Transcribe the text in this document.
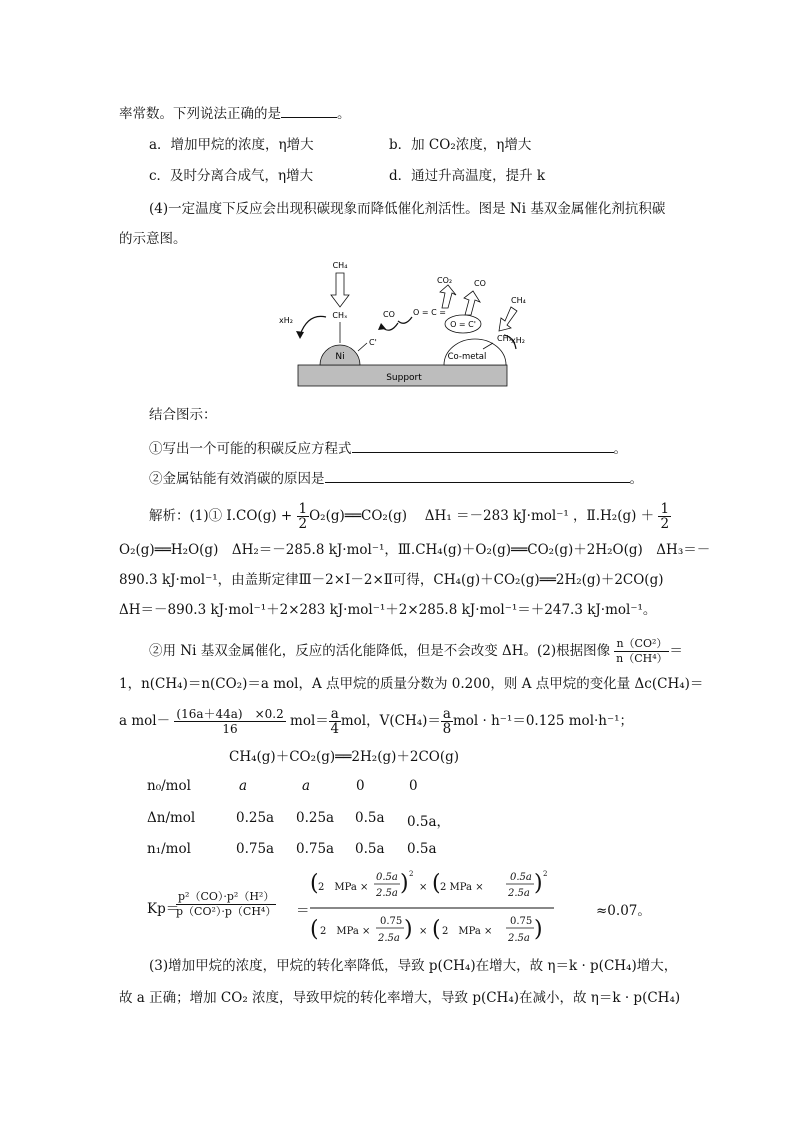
率常数。下列说法正确的是	。
a．增加甲烷的浓度，η增大	b．加 CO₂浓度，η增大
c．及时分离合成气，η增大	d．通过升高温度，提升 k
(4)一定温度下反应会出现积碳现象而降低催化剂活性。图是 Ni 基双金属催化剂抗积碳
的示意图。
Support
Ni	Co-metal
CH₄
CHₓ
xH₂
C'
CO O = C =
CO₂	CO
O = C'
CH₄
CHₓ
xH₂
结合图示：
①写出一个可能的积碳反应方程式	。
②金属钴能有效消碳的原因是	。
解析：(1)① Ⅰ.CO(g) + $\frac{1}{2}$ O₂(g)══CO₂(g)　 ΔH₁ ＝－283 kJ·mol⁻¹ ，Ⅱ.H₂(g) ＋ $\frac{1}{2}$
O₂(g)══H₂O(g)　ΔH₂＝－285.8 kJ·mol⁻¹，Ⅲ.CH₄(g)＋O₂(g)══CO₂(g)＋2H₂O(g)　ΔH₃＝－
890.3 kJ·mol⁻¹，由盖斯定律Ⅲ－2×Ⅰ－2×Ⅱ可得，CH₄(g)＋CO₂(g)══2H₂(g)＋2CO(g)
ΔH＝－890.3 kJ·mol⁻¹＋2×283 kJ·mol⁻¹＋2×285.8 kJ·mol⁻¹＝＋247.3 kJ·mol⁻¹。
②用 Ni 基双金属催化，反应的活化能降低，但是不会改变 ΔH。(2)根据图像 $\frac{\text{n（CO²）}}{\text{n（CH⁴）}}$ ＝
1，n(CH₄)＝n(CO₂)＝a mol，A 点甲烷的质量分数为 0.200，则 A 点甲烷的变化量 Δc(CH₄)＝
a $mol- \frac{(16a+44a) \times 0.2}{16} mol= \frac{a}{4}$ mol，$V(CH_4)= \frac{a}{8}$ mol · h⁻¹＝0.125 mol·h⁻¹；
CH₄(g)＋CO₂(g)══2H₂(g)＋2CO(g)
n₀/mol	a	a	0	0
Δn/mol	0.25a 0.25a 0.5a 0.5a，
n₁/mol	0.75a 0.75a 0.5a 0.5a
Kp＝
$\frac{\text{p²（CO）·p²（H²）}}{\text{p（CO²）·p（CH⁴）}}$ ＝
( 2　MPa ×
0.5a
2.5a ) 2
× ( 2 MPa ×
0.5a
2.5a ) 2
( 2　MPa ×
0.75
2.5a ) × ( 2　MPa ×
0.75
2.5a )
≈0.07。
(3)增加甲烷的浓度，甲烷的转化率降低，导致 p(CH₄)在增大，故 η＝k · p(CH₄)增大，
故 a 正确；增加 CO₂ 浓度，导致甲烷的转化率增大，导致 p(CH₄)在减小，故 η＝k · p(CH₄)
